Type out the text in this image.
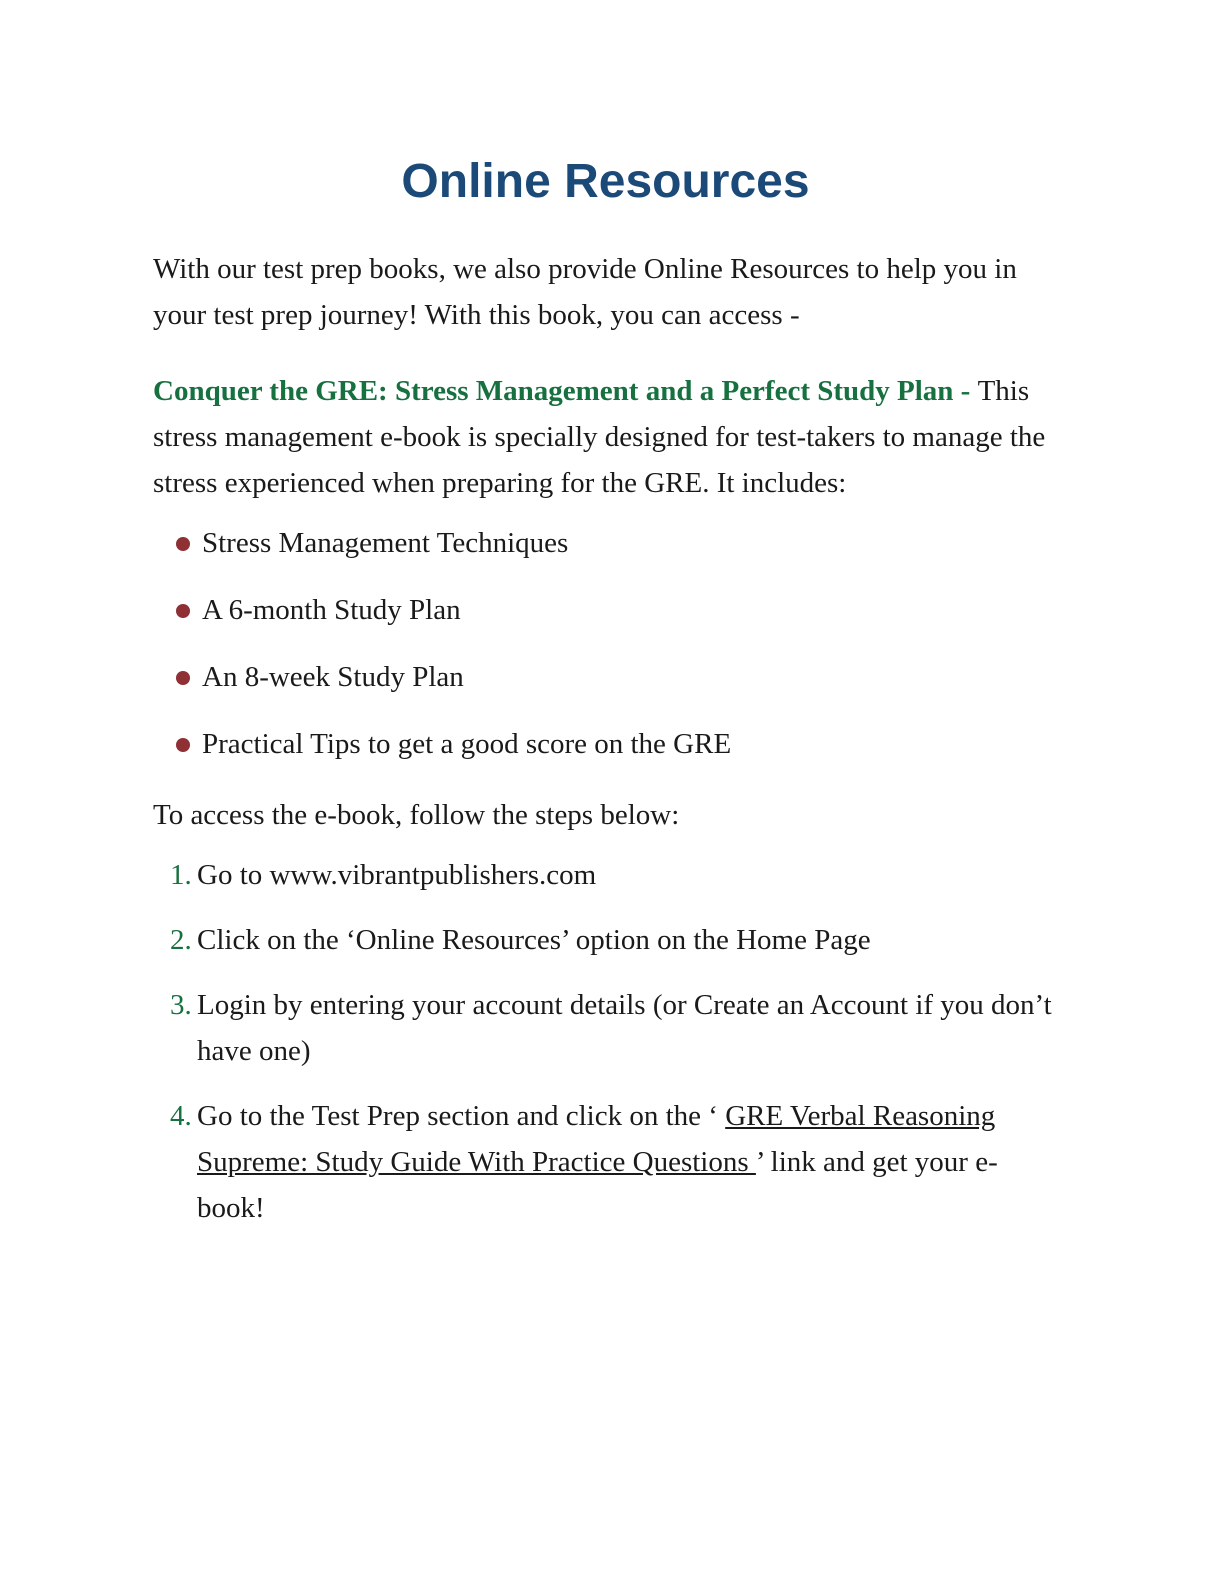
Online Resources

With our test prep books, we also provide Online Resources to help you in your test prep journey! With this book, you can access -

Conquer the GRE: Stress Management and a Perfect Study Plan - This stress management e-book is specially designed for test-takers to manage the stress experienced when preparing for the GRE. It includes:

Stress Management Techniques
A 6-month Study Plan
An 8-week Study Plan
Practical Tips to get a good score on the GRE

To access the e-book, follow the steps below:

1. Go to www.vibrantpublishers.com
2. Click on the ‘Online Resources’ option on the Home Page
3. Login by entering your account details (or Create an Account if you don’t have one)
4. Go to the Test Prep section and click on the ‘ GRE Verbal Reasoning Supreme: Study Guide With Practice Questions ’ link and get your e-book!
